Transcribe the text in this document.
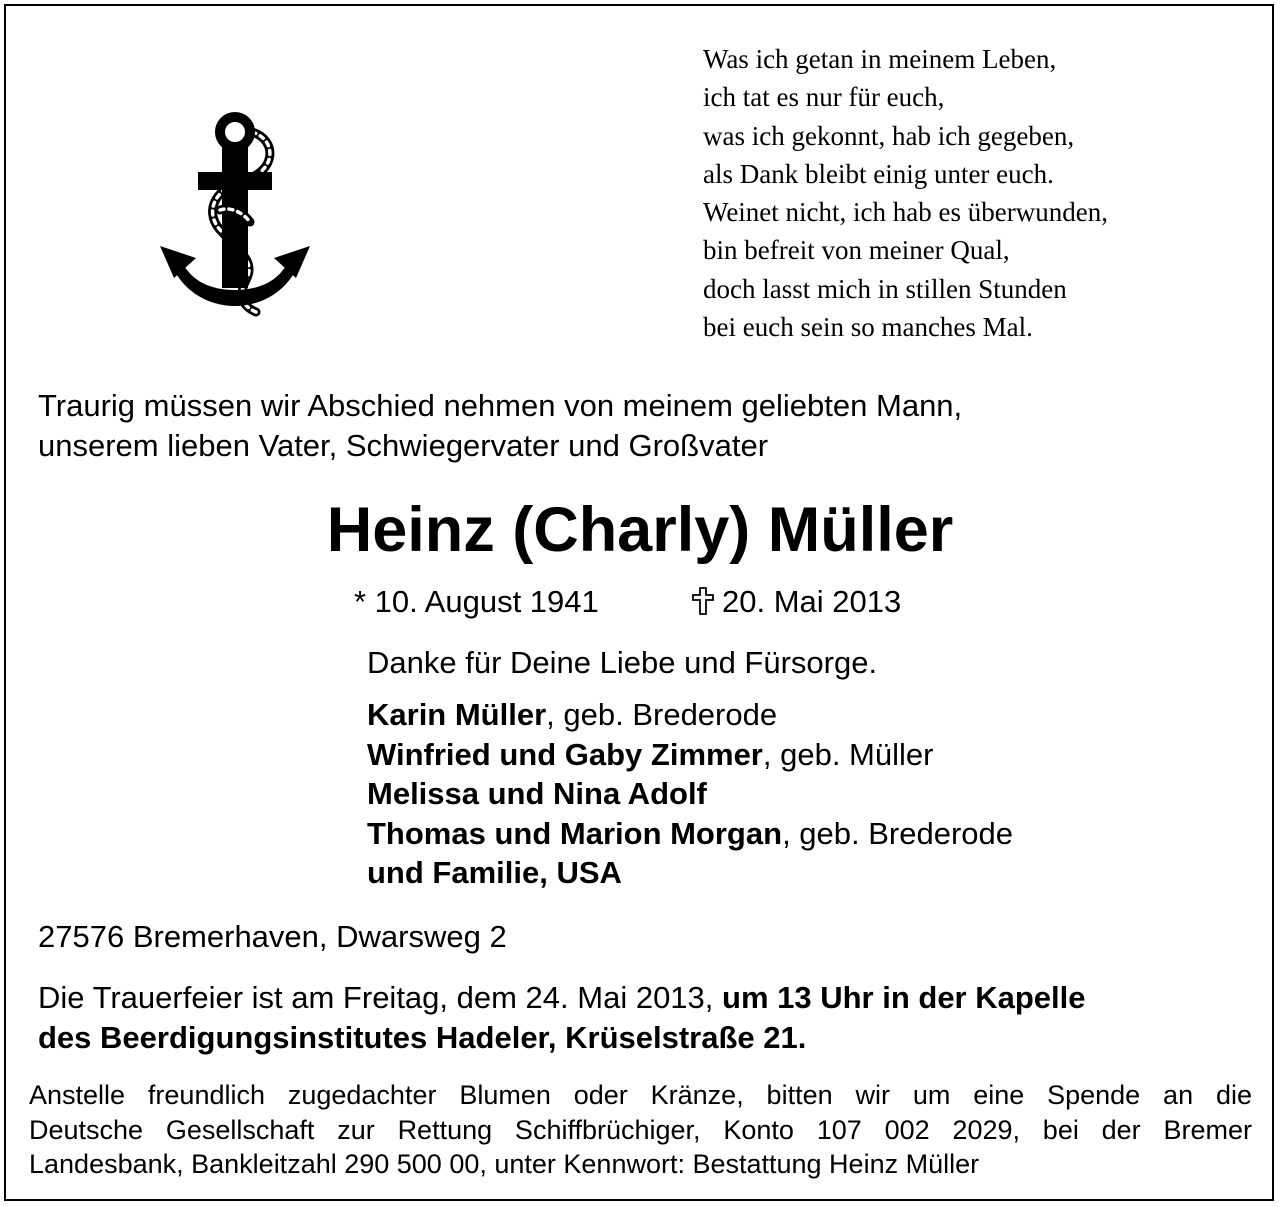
Was ich getan in meinem Leben,
ich tat es nur für euch,
was ich gekonnt, hab ich gegeben,
als Dank bleibt einig unter euch.
Weinet nicht, ich hab es überwunden,
bin befreit von meiner Qual,
doch lasst mich in stillen Stunden
bei euch sein so manches Mal.
Traurig müssen wir Abschied nehmen von meinem geliebten Mann,
unserem lieben Vater, Schwiegervater und Großvater
Heinz (Charly) Müller
* 10. August 1941	20. Mai 2013
Danke für Deine Liebe und Fürsorge.
Karin Müller, geb. Brederode
Winfried und Gaby Zimmer, geb. Müller
Melissa und Nina Adolf
Thomas und Marion Morgan, geb. Brederode
und Familie, USA
27576 Bremerhaven, Dwarsweg 2
Die Trauerfeier ist am Freitag, dem 24. Mai 2013, um 13 Uhr in der Kapelle
des Beerdigungsinstitutes Hadeler, Krüselstraße 21.
Anstelle freundlich zugedachter Blumen oder Kränze, bitten wir um eine Spende an die
Deutsche Gesellschaft zur Rettung Schiffbrüchiger, Konto 107 002 2029, bei der Bremer
Landesbank, Bankleitzahl 290 500 00, unter Kennwort: Bestattung Heinz Müller
